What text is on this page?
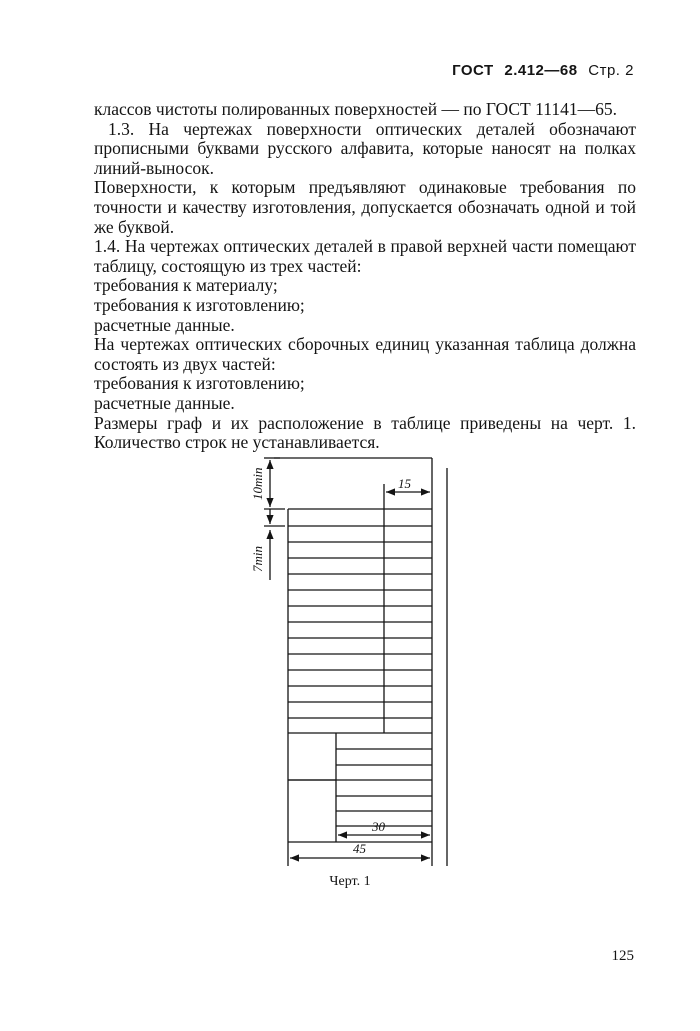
ГОСТ 2.412—68 Стр. 2

классов чистоты полированных поверхностей — по ГОСТ 11141—65.

1.3. На чертежах поверхности оптических деталей обозначают прописными буквами русского алфавита, которые наносят на полках линий-выносок.

Поверхности, к которым предъявляют одинаковые требования по точности и качеству изготовления, допускается обозначать одной и той же буквой.

1.4. На чертежах оптических деталей в правой верхней части помещают таблицу, состоящую из трех частей:

требования к материалу;

требования к изготовлению;

расчетные данные.

На чертежах оптических сборочных единиц указанная таблица должна состоять из двух частей:

требования к изготовлению;

расчетные данные.

Размеры граф и их расположение в таблице приведены на черт. 1. Количество строк не устанавливается.

10min
7min
15
30
45
Черт. 1
125
